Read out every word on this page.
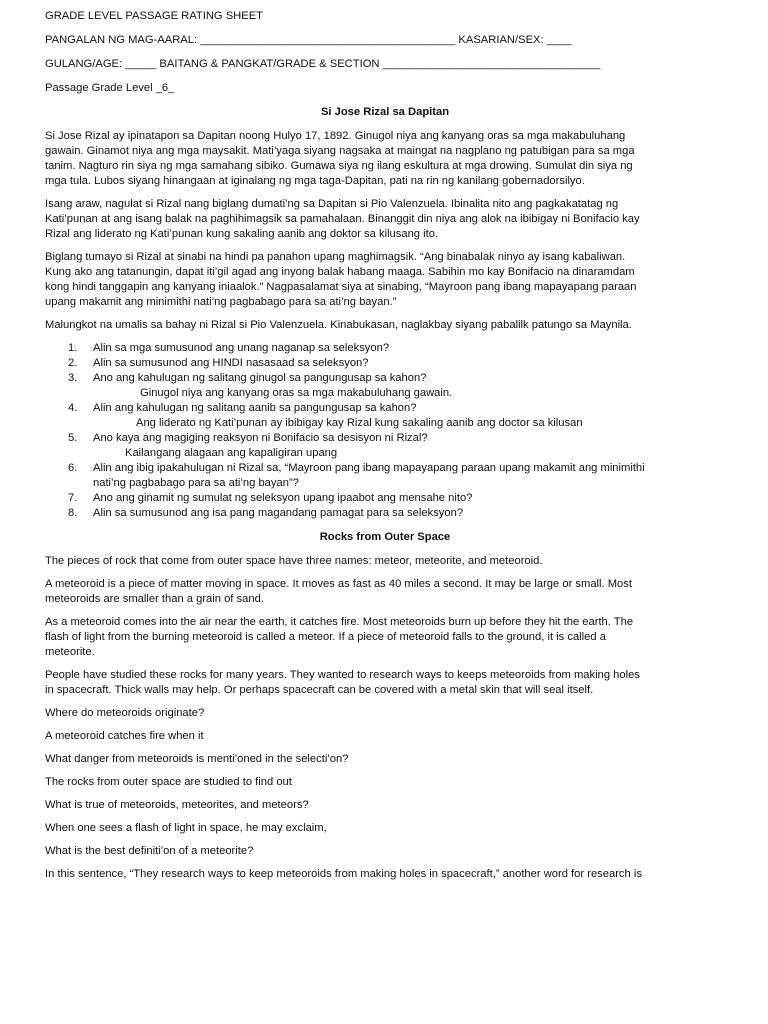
GRADE LEVEL PASSAGE RATING SHEET
PANGALAN NG MAG-AARAL: _________________________________________ KASARIAN/SEX: ____
GULANG/AGE: _____ BAITANG & PANGKAT/GRADE & SECTION ___________________________________
Passage Grade Level _6_
Si Jose Rizal sa Dapitan
Si Jose Rizal ay ipinatapon sa Dapitan noong Hulyo 17, 1892. Ginugol niya ang kanyang oras sa mga makabuluhang
gawain. Ginamot niya ang mga maysakit. Mati’yaga siyang nagsaka at maingat na nagplano ng patubigan para sa mga
tanim. Nagturo rin siya ng mga samahang sibiko. Gumawa siya ng ilang eskultura at mga drowing. Sumulat din siya ng
mga tula. Lubos siyang hinangaan at iginalang ng mga taga-Dapitan, pati na rin ng kanilang gobernadorsilyo.
Isang araw, nagulat si Rizal nang biglang dumati’ng sa Dapitan si Pio Valenzuela. Ibinalita nito ang pagkakatatag ng
Kati’punan at ang isang balak na paghihimagsik sa pamahalaan. Binanggit din niya ang alok na ibibigay ni Bonifacio kay
Rizal ang liderato ng Kati’punan kung sakaling aanib ang doktor sa kilusang ito.
Biglang tumayo si Rizal at sinabi na hindi pa panahon upang maghimagsik. “Ang binabalak ninyo ay isang kabaliwan.
Kung ako ang tatanungin, dapat iti’gil agad ang inyong balak habang maaga. Sabihin mo kay Bonifacio na dinaramdam
kong hindi tanggapin ang kanyang iniaalok.” Nagpasalamat siya at sinabing, “Mayroon pang ibang mapayapang paraan
upang makamit ang minimithi nati’ng pagbabago para sa ati’ng bayan.”
Malungkot na umalis sa bahay ni Rizal si Pio Valenzuela. Kinabukasan, naglakbay siyang pabalilk patungo sa Maynila.
1. Alin sa mga sumusunod ang unang naganap sa seleksyon?
2. Alin sa sumusunod ang HINDI nasasaad sa seleksyon?
3. Ano ang kahulugan ng salitang ginugol sa pangungusap sa kahon?
Ginugol niya ang kanyang oras sa mga makabuluhang gawain.
4. Alin ang kahulugan ng salitang aanib sa pangungusap sa kahon?
Ang liderato ng Kati’punan ay ibibigay kay Rizal kung sakaling aanib ang doctor sa kilusan
5. Ano kaya ang magiging reaksyon ni Bonifacio sa desisyon ni Rizal?
Kailangang alagaan ang kapaligiran upang
6. Alin ang ibig ipakahulugan ni Rizal sa, “Mayroon pang ibang mapayapang paraan upang makamit ang minimithi
nati’ng pagbabago para sa ati’ng bayan”?
7. Ano ang ginamit ng sumulat ng seleksyon upang ipaabot ang mensahe nito?
8. Alin sa sumusunod ang isa pang magandang pamagat para sa seleksyon?
Rocks from Outer Space
The pieces of rock that come from outer space have three names: meteor, meteorite, and meteoroid.
A meteoroid is a piece of matter moving in space. It moves as fast as 40 miles a second. It may be large or small. Most
meteoroids are smaller than a grain of sand.
As a meteoroid comes into the air near the earth, it catches fire. Most meteoroids burn up before they hit the earth. The
flash of light from the burning meteoroid is called a meteor. If a piece of meteoroid falls to the ground, it is called a
meteorite.
People have studied these rocks for many years. They wanted to research ways to keeps meteoroids from making holes
in spacecraft. Thick walls may help. Or perhaps spacecraft can be covered with a metal skin that will seal itself.
Where do meteoroids originate?
A meteoroid catches fire when it
What danger from meteoroids is menti’oned in the selecti’on?
The rocks from outer space are studied to find out
What is true of meteoroids, meteorites, and meteors?
When one sees a flash of light in space, he may exclaim,
What is the best definiti’on of a meteorite?
In this sentence, “They research ways to keep meteoroids from making holes in spacecraft,” another word for research is
